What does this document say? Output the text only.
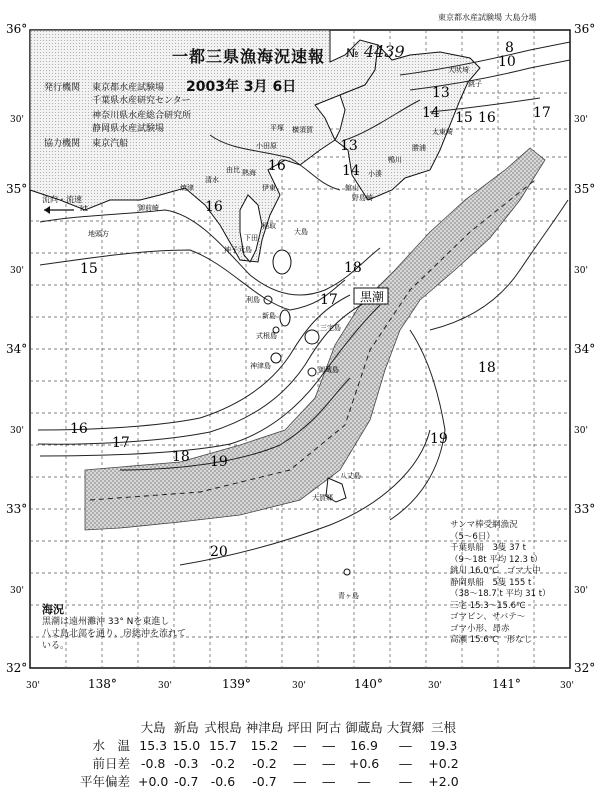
36°	36°
30'	30'
35°	35°
30'	30'
34°	34°
30'	30'
33°	33°
30'	30'
32°	32°
30'	138°	30'	139°	30'	140°	30'	141°	30'
8
10
13
13
14
14
15
15
16
16
16
16
17
17
17
18
18
18
19
19
20
黒潮
犬吠埼
銚子
平塚 横須賀
小田原	勝浦
鴨川
太東崎
小湊
館山
野島崎
熱海
伊東
稲取
下田
御前崎
焼津
清水
由比
地頭方	大島
利島
新島
式根島
神津島
三宅島
御蔵島
八丈島
大賀郷
青ヶ島
神子元島
東京都水産試験場 大島分場
一都三県漁海況速報 № 4439
2003年 3月 6日
発行機関 東京都水産試験場
千葉県水産研究センター
神奈川県水産総合研究所
静岡県水産試験場
協力機関 東京汽船
流向・流速
kt
サンマ棒受網漁況
（5～6日）
千葉県船　3隻 37 t
（9～18t 平均 12.3 t）
銚川 16.0℃　ゴマ大中
静岡県船　5隻 155 t
（38～18.7 t 平均 31 t）
三宅 15.3～15.6℃
ゴマビン、サバテ～
ゴマ小形、昂赤
高瀬 15.6℃　形なし
海況
黒潮は遠州灘沖 33° Nを東進し
八丈島北部を通り、房総沖を流れて
いる。
	大島	新島	式根島	神津島	坪田	阿古	御蔵島	大賀郷	三根
水　温	15.3	15.0	15.7	15.2	―	―	16.9	―	19.3
前日差	-0.8	-0.3	-0.2	-0.2	―	―	+0.6	―	+0.2
平年偏差	+0.0	-0.7	-0.6	-0.7	―	―	―	―	+2.0
